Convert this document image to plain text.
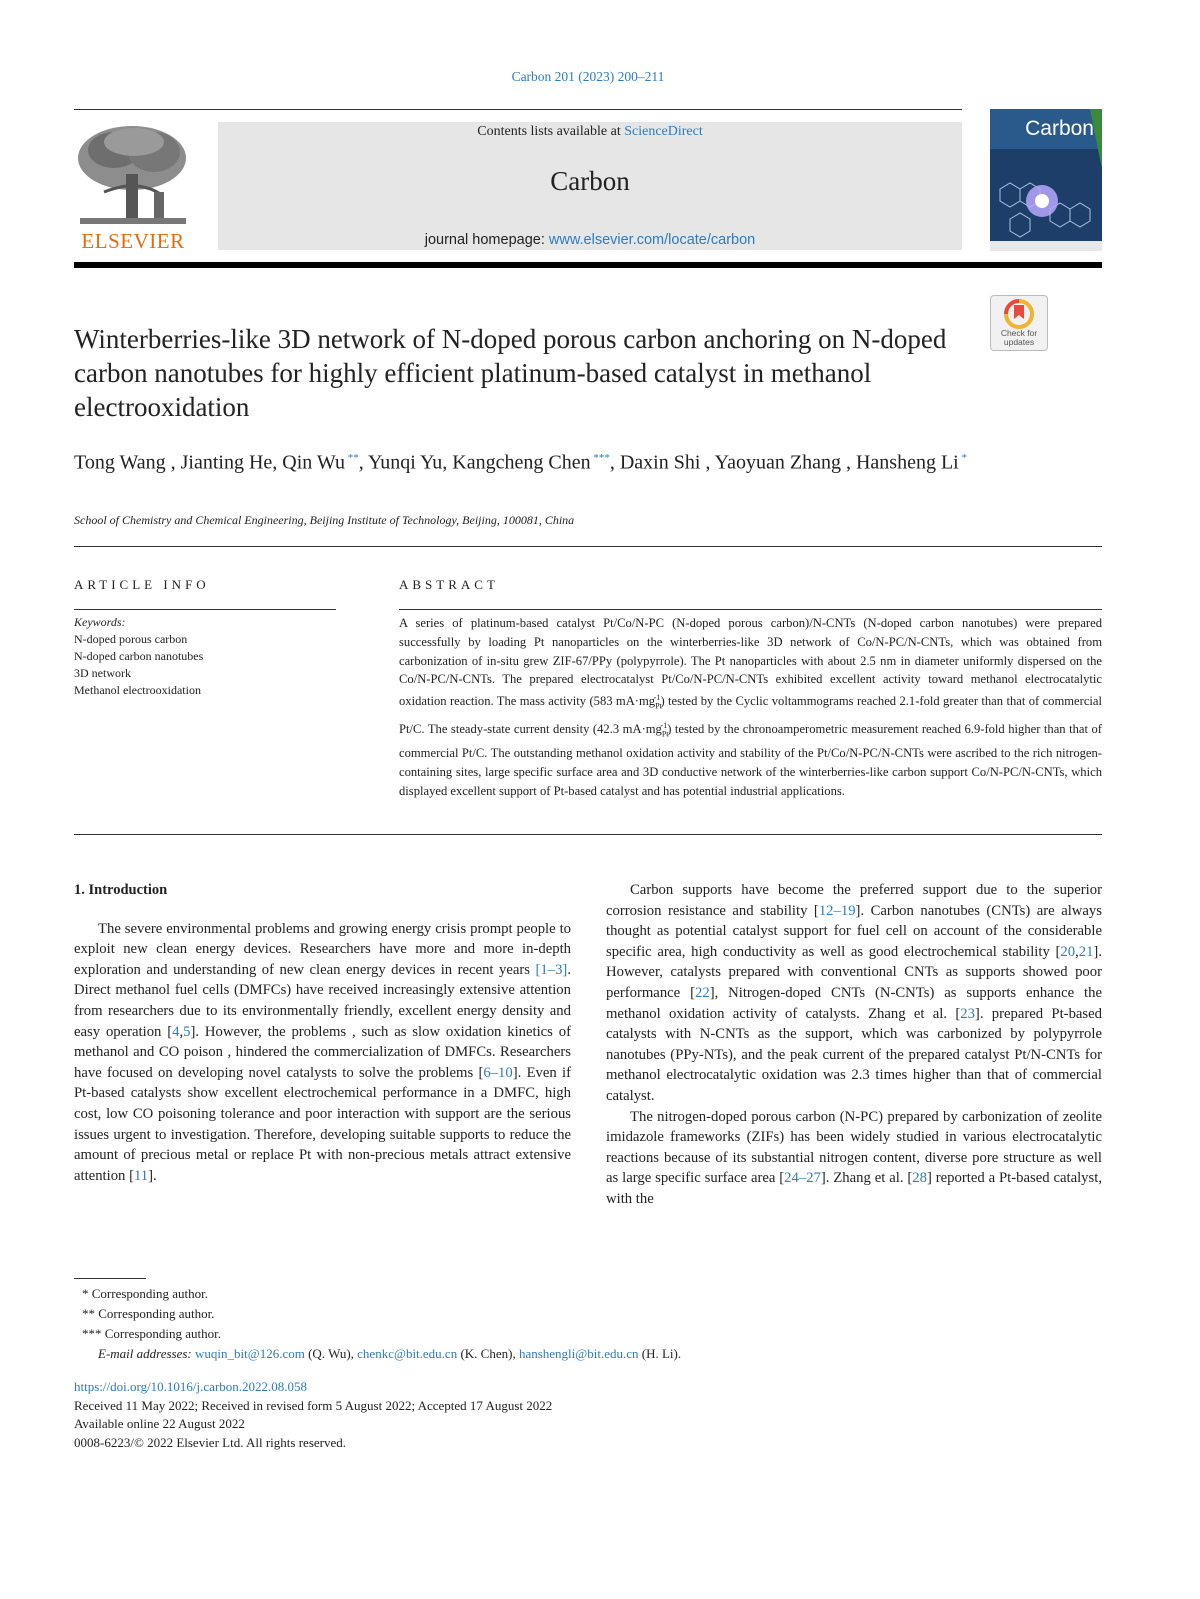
Carbon 201 (2023) 200–211
ELSEVIER
Contents lists available at ScienceDirect
Carbon
journal homepage: www.elsevier.com/locate/carbon
Carbon
Check for updates
Winterberries-like 3D network of N-doped porous carbon anchoring on N-doped carbon nanotubes for highly efficient platinum-based catalyst in methanol electrooxidation
Tong Wang , Jianting He, Qin Wu **, Yunqi Yu, Kangcheng Chen ***, Daxin Shi , Yaoyuan Zhang , Hansheng Li *
School of Chemistry and Chemical Engineering, Beijing Institute of Technology, Beijing, 100081, China
ARTICLE INFO
Keywords:
N-doped porous carbon
N-doped carbon nanotubes
3D network
Methanol electrooxidation
ABSTRACT
A series of platinum-based catalyst Pt/Co/N-PC (N-doped porous carbon)/N-CNTs (N-doped carbon nanotubes) were prepared successfully by loading Pt nanoparticles on the winterberries-like 3D network of Co/N-PC/N-CNTs, which was obtained from carbonization of in-situ grew ZIF-67/PPy (polypyrrole). The Pt nanoparticles with about 2.5 nm in diameter uniformly dispersed on the Co/N-PC/N-CNTs. The prepared electrocatalyst Pt/Co/N-PC/N-CNTs exhibited excellent activity toward methanol electrocatalytic oxidation reaction. The mass activity (583 $mA\cdot mg_{Pt}^{-1}$) tested by the Cyclic voltammograms reached 2.1-fold greater than that of commercial Pt/C. The steady-state current density (42.3 $mA\cdot mg_{Pt}^{-1}$) tested by the chronoamperometric measurement reached 6.9-fold higher than that of commercial Pt/C. The outstanding methanol oxidation activity and stability of the Pt/Co/N-PC/N-CNTs were ascribed to the rich nitrogen-containing sites, large specific surface area and 3D conductive network of the winterberries-like carbon support Co/N-PC/N-CNTs, which displayed excellent support of Pt-based catalyst and has potential industrial applications.
1. Introduction

The severe environmental problems and growing energy crisis prompt people to exploit new clean energy devices. Researchers have more and more in-depth exploration and understanding of new clean energy devices in recent years [1–3]. Direct methanol fuel cells (DMFCs) have received increasingly extensive attention from researchers due to its environmentally friendly, excellent energy density and easy operation [4,5]. However, the problems , such as slow oxidation kinetics of methanol and CO poison , hindered the commercialization of DMFCs. Researchers have focused on developing novel catalysts to solve the problems [6–10]. Even if Pt-based catalysts show excellent electrochemical performance in a DMFC, high cost, low CO poisoning tolerance and poor interaction with support are the serious issues urgent to investigation. Therefore, developing suitable supports to reduce the amount of precious metal or replace Pt with non-precious metals attract extensive attention [11].

Carbon supports have become the preferred support due to the superior corrosion resistance and stability [12–19]. Carbon nanotubes (CNTs) are always thought as potential catalyst support for fuel cell on account of the considerable specific area, high conductivity as well as good electrochemical stability [20,21]. However, catalysts prepared with conventional CNTs as supports showed poor performance [22], Nitrogen-doped CNTs (N-CNTs) as supports enhance the methanol oxidation activity of catalysts. Zhang et al. [23]. prepared Pt-based catalysts with N-CNTs as the support, which was carbonized by polypyrrole nanotubes (PPy-NTs), and the peak current of the prepared catalyst Pt/N-CNTs for methanol electrocatalytic oxidation was 2.3 times higher than that of commercial catalyst.

The nitrogen-doped porous carbon (N-PC) prepared by carbonization of zeolite imidazole frameworks (ZIFs) has been widely studied in various electrocatalytic reactions because of its substantial nitrogen content, diverse pore structure as well as large specific surface area [24–27]. Zhang et al. [28] reported a Pt-based catalyst, with the

* Corresponding author.
** Corresponding author.
*** Corresponding author.
E-mail addresses: wuqin_bit@126.com (Q. Wu), chenkc@bit.edu.cn (K. Chen), hanshengli@bit.edu.cn (H. Li).
https://doi.org/10.1016/j.carbon.2022.08.058
Received 11 May 2022; Received in revised form 5 August 2022; Accepted 17 August 2022
Available online 22 August 2022
0008-6223/© 2022 Elsevier Ltd. All rights reserved.
